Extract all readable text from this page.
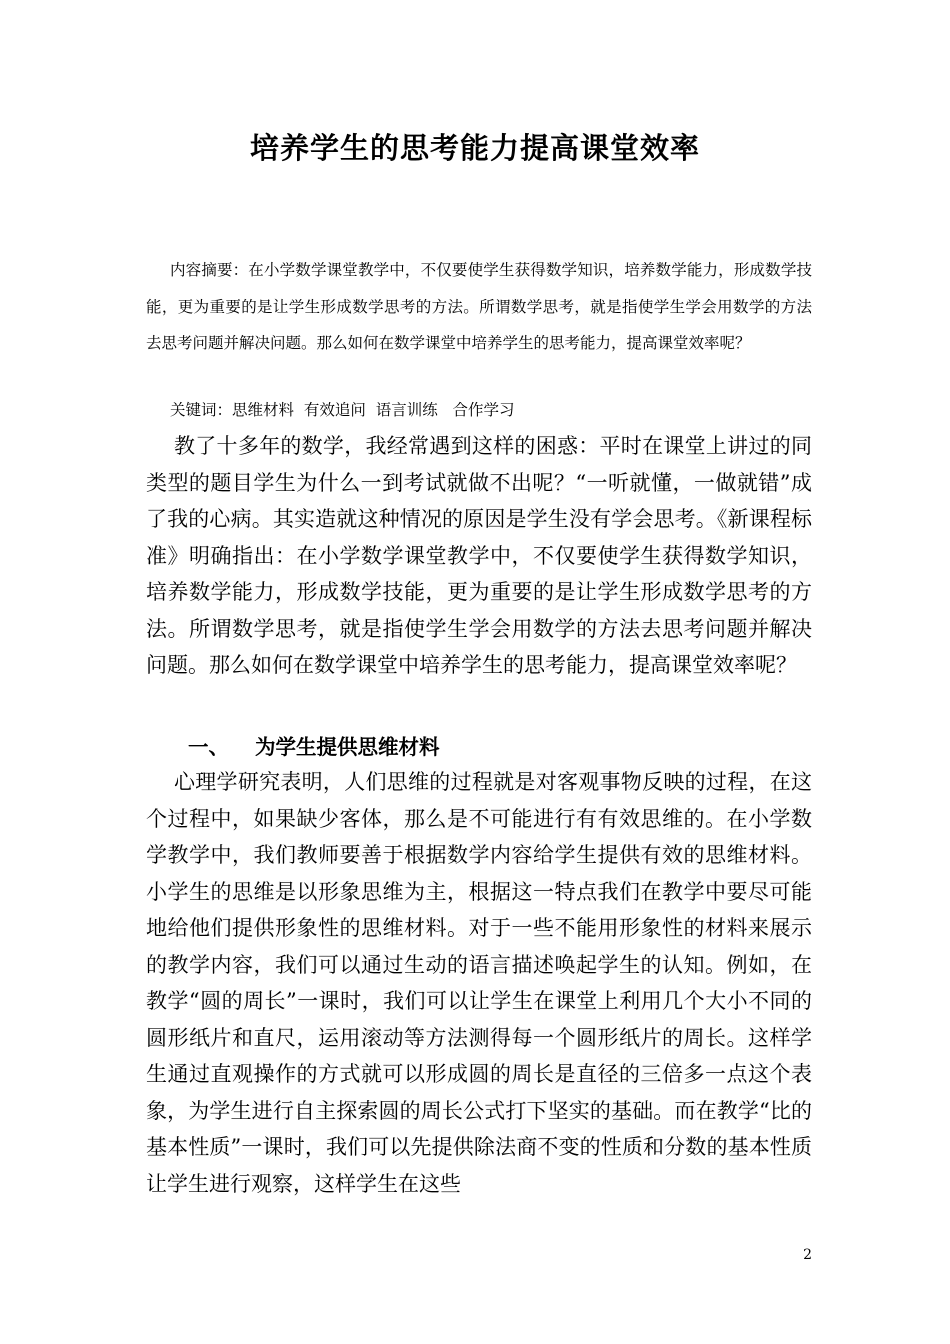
培养学生的思考能力提高课堂效率
内容摘要：在小学数学课堂教学中，不仅要使学生获得数学知识，培养数学能力，形成数学技能，更为重要的是让学生形成数学思考的方法。所谓数学思考，就是指使学生学会用数学的方法去思考问题并解决问题。那么如何在数学课堂中培养学生的思考能力，提高课堂效率呢？
关键词：思维材料  有效追问  语言训练   合作学习
教了十多年的数学，我经常遇到这样的困惑：平时在课堂上讲过的同类型的题目学生为什么一到考试就做不出呢？“一听就懂，一做就错”成了我的心病。其实造就这种情况的原因是学生没有学会思考。《新课程标准》明确指出：在小学数学课堂教学中，不仅要使学生获得数学知识，培养数学能力，形成数学技能，更为重要的是让学生形成数学思考的方法。所谓数学思考，就是指使学生学会用数学的方法去思考问题并解决问题。那么如何在数学课堂中培养学生的思考能力，提高课堂效率呢？
一、 为学生提供思维材料
心理学研究表明，人们思维的过程就是对客观事物反映的过程，在这个过程中，如果缺少客体，那么是不可能进行有有效思维的。在小学数学教学中，我们教师要善于根据数学内容给学生提供有效的思维材料。小学生的思维是以形象思维为主，根据这一特点我们在教学中要尽可能地给他们提供形象性的思维材料。对于一些不能用形象性的材料来展示的教学内容，我们可以通过生动的语言描述唤起学生的认知。例如，在教学“圆的周长”一课时，我们可以让学生在课堂上利用几个大小不同的圆形纸片和直尺，运用滚动等方法测得每一个圆形纸片的周长。这样学生通过直观操作的方式就可以形成圆的周长是直径的三倍多一点这个表象，为学生进行自主探索圆的周长公式打下坚实的基础。而在教学“比的基本性质”一课时，我们可以先提供除法商不变的性质和分数的基本性质让学生进行观察，这样学生在这些
2
